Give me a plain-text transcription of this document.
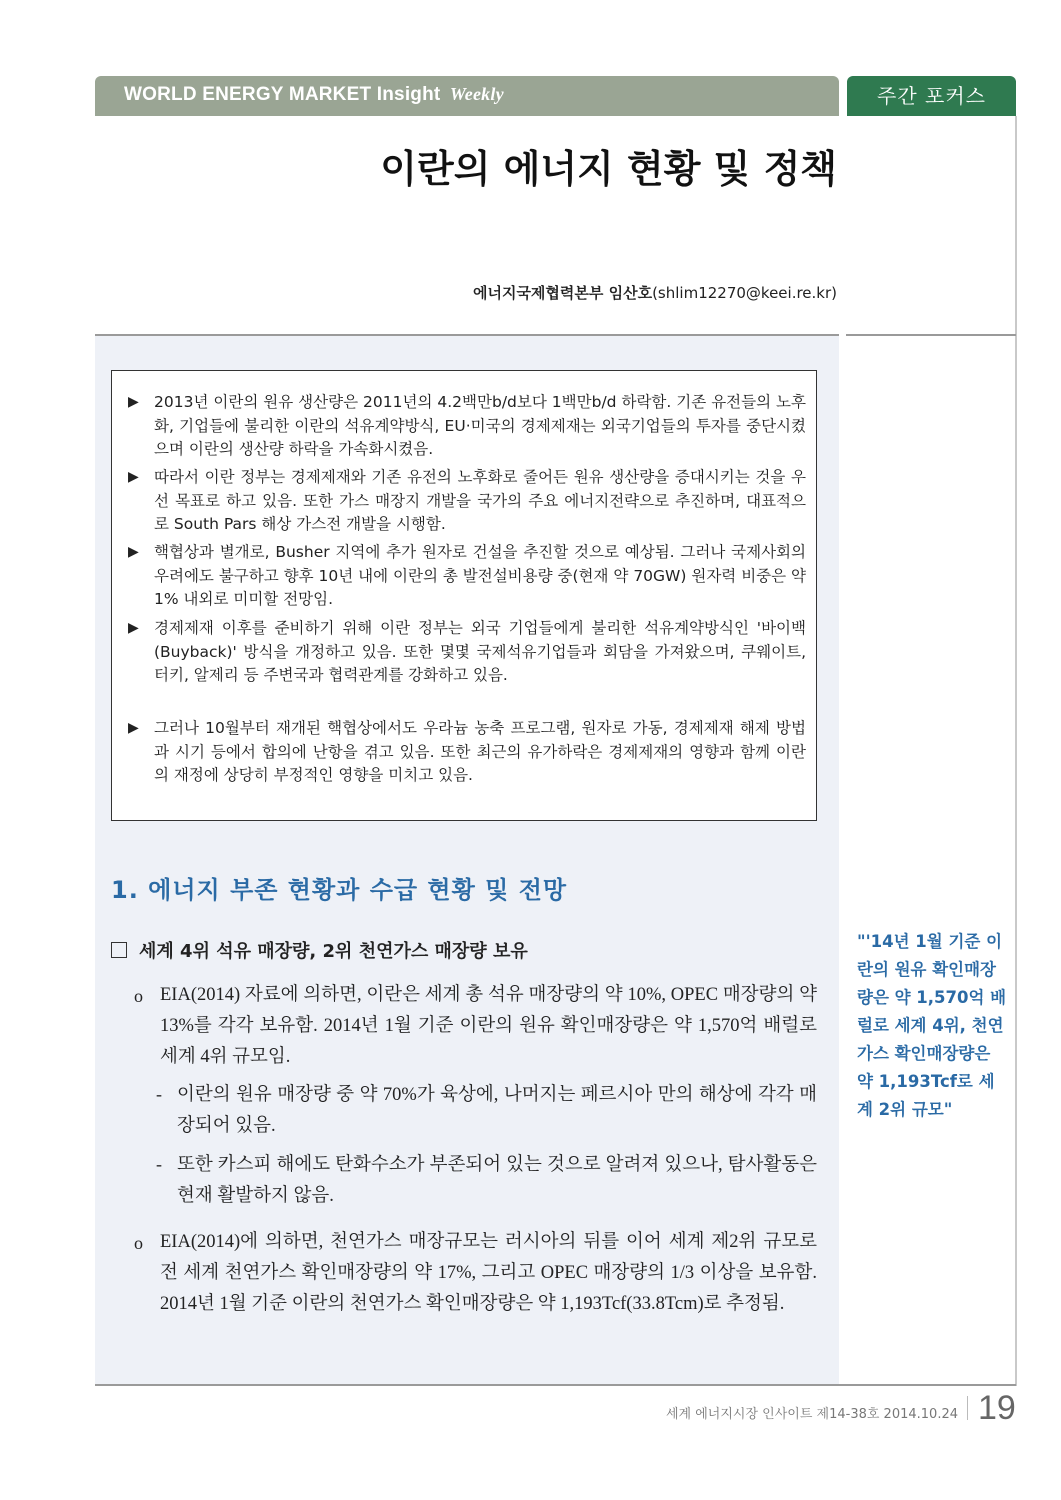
WORLD ENERGY MARKET Insight Weekly	주간 포커스
이란의 에너지 현황 및 정책
에너지국제협력본부 임산호(shlim12270@keei.re.kr)
▶ 2013년 이란의 원유 생산량은 2011년의 4.2백만b/d보다 1백만b/d 하락함. 기존 유전들의 노후화, 기업들에 불리한 이란의 석유계약방식, EU·미국의 경제제재는 외국기업들의 투자를 중단시켰으며 이란의 생산량 하락을 가속화시켰음.
▶ 따라서 이란 정부는 경제제재와 기존 유전의 노후화로 줄어든 원유 생산량을 증대시키는 것을 우선 목표로 하고 있음. 또한 가스 매장지 개발을 국가의 주요 에너지전략으로 추진하며, 대표적으로 South Pars 해상 가스전 개발을 시행함.
▶ 핵협상과 별개로, Busher 지역에 추가 원자로 건설을 추진할 것으로 예상됨. 그러나 국제사회의 우려에도 불구하고 향후 10년 내에 이란의 총 발전설비용량 중(현재 약 70GW) 원자력 비중은 약 1% 내외로 미미할 전망임.
▶ 경제제재 이후를 준비하기 위해 이란 정부는 외국 기업들에게 불리한 석유계약방식인 '바이백(Buyback)' 방식을 개정하고 있음. 또한 몇몇 국제석유기업들과 회담을 가져왔으며, 쿠웨이트, 터키, 알제리 등 주변국과 협력관계를 강화하고 있음.
▶ 그러나 10월부터 재개된 핵협상에서도 우라늄 농축 프로그램, 원자로 가동, 경제제재 해제 방법과 시기 등에서 합의에 난항을 겪고 있음. 또한 최근의 유가하락은 경제제재의 영향과 함께 이란의 재정에 상당히 부정적인 영향을 미치고 있음.
1. 에너지 부존 현황과 수급 현황 및 전망
세계 4위 석유 매장량, 2위 천연가스 매장량 보유
o EIA(2014) 자료에 의하면, 이란은 세계 총 석유 매장량의 약 10%, OPEC 매장량의 약 13%를 각각 보유함. 2014년 1월 기준 이란의 원유 확인매장량은 약 1,570억 배럴로 세계 4위 규모임.
- 이란의 원유 매장량 중 약 70%가 육상에, 나머지는 페르시아 만의 해상에 각각 매장되어 있음.
- 또한 카스피 해에도 탄화수소가 부존되어 있는 것으로 알려져 있으나, 탐사활동은 현재 활발하지 않음.
o EIA(2014)에 의하면, 천연가스 매장규모는 러시아의 뒤를 이어 세계 제2위 규모로 전 세계 천연가스 확인매장량의 약 17%, 그리고 OPEC 매장량의 1/3 이상을 보유함. 2014년 1월 기준 이란의 천연가스 확인매장량은 약 1,193Tcf(33.8Tcm)로 추정됨.
"'14년 1월 기준 이란의 원유 확인매장량은 약 1,570억 배럴로 세계 4위, 천연가스 확인매장량은 약 1,193Tcf로 세계 2위 규모"
세계 에너지시장 인사이트 제14-38호 2014.10.24 19
